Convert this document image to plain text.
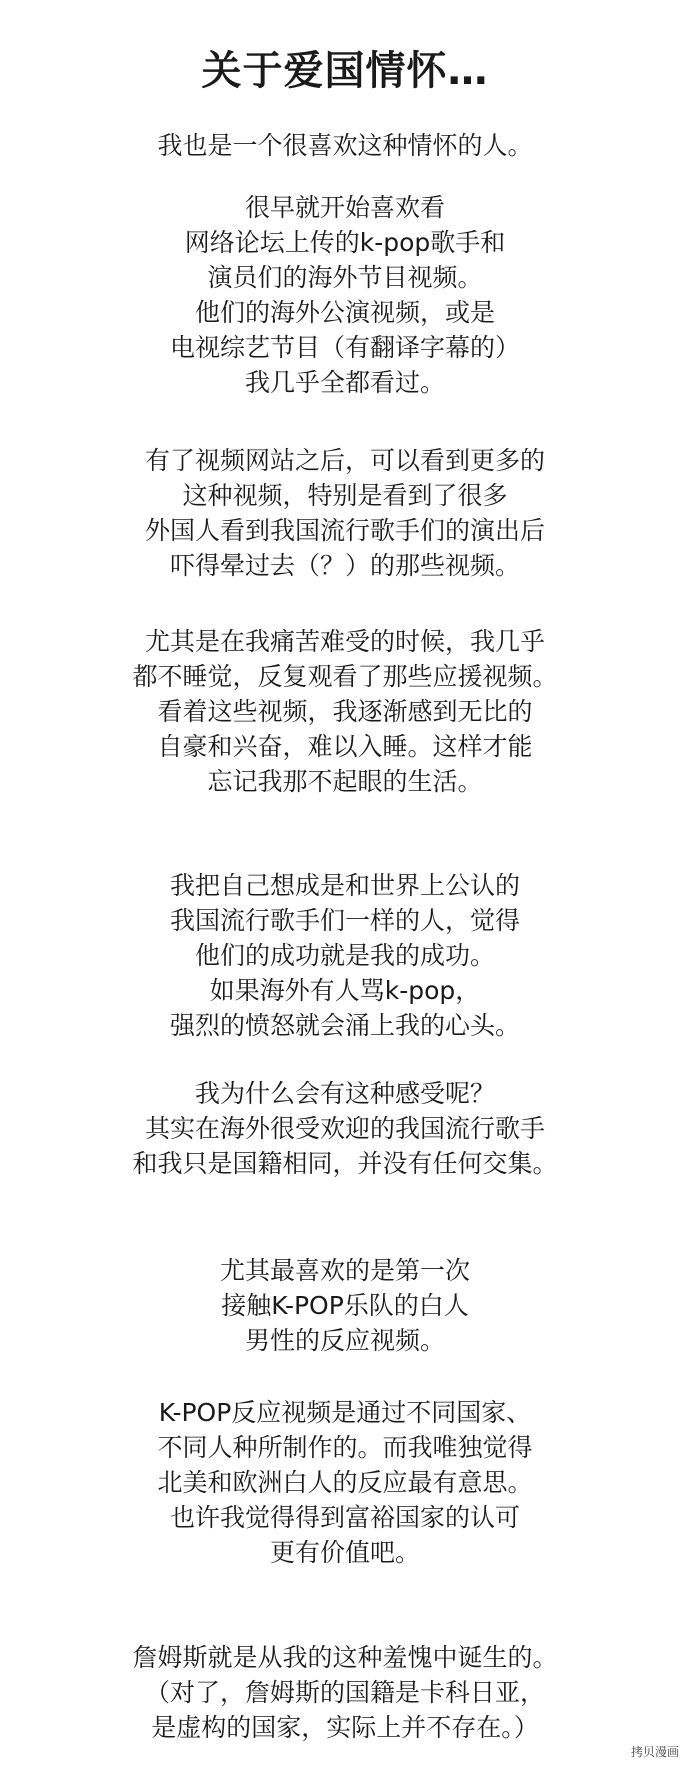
关于爱国情怀…
我也是一个很喜欢这种情怀的人。
很早就开始喜欢看
网络论坛上传的k-pop歌手和
演员们的海外节目视频。
他们的海外公演视频，或是
电视综艺节目（有翻译字幕的）
我几乎全都看过。
有了视频网站之后，可以看到更多的
这种视频，特别是看到了很多
外国人看到我国流行歌手们的演出后
吓得晕过去（？）的那些视频。
尤其是在我痛苦难受的时候，我几乎
都不睡觉，反复观看了那些应援视频。
看着这些视频，我逐渐感到无比的
自豪和兴奋，难以入睡。这样才能
忘记我那不起眼的生活。
我把自己想成是和世界上公认的
我国流行歌手们一样的人，觉得
他们的成功就是我的成功。
如果海外有人骂k-pop，
强烈的愤怒就会涌上我的心头。
我为什么会有这种感受呢？
其实在海外很受欢迎的我国流行歌手
和我只是国籍相同，并没有任何交集。
尤其最喜欢的是第一次
接触K-POP乐队的白人
男性的反应视频。
K-POP反应视频是通过不同国家、
不同人种所制作的。而我唯独觉得
北美和欧洲白人的反应最有意思。
也许我觉得得到富裕国家的认可
更有价值吧。
詹姆斯就是从我的这种羞愧中诞生的。
（对了，詹姆斯的国籍是卡科日亚，
是虚构的国家，实际上并不存在。）
拷贝漫画
